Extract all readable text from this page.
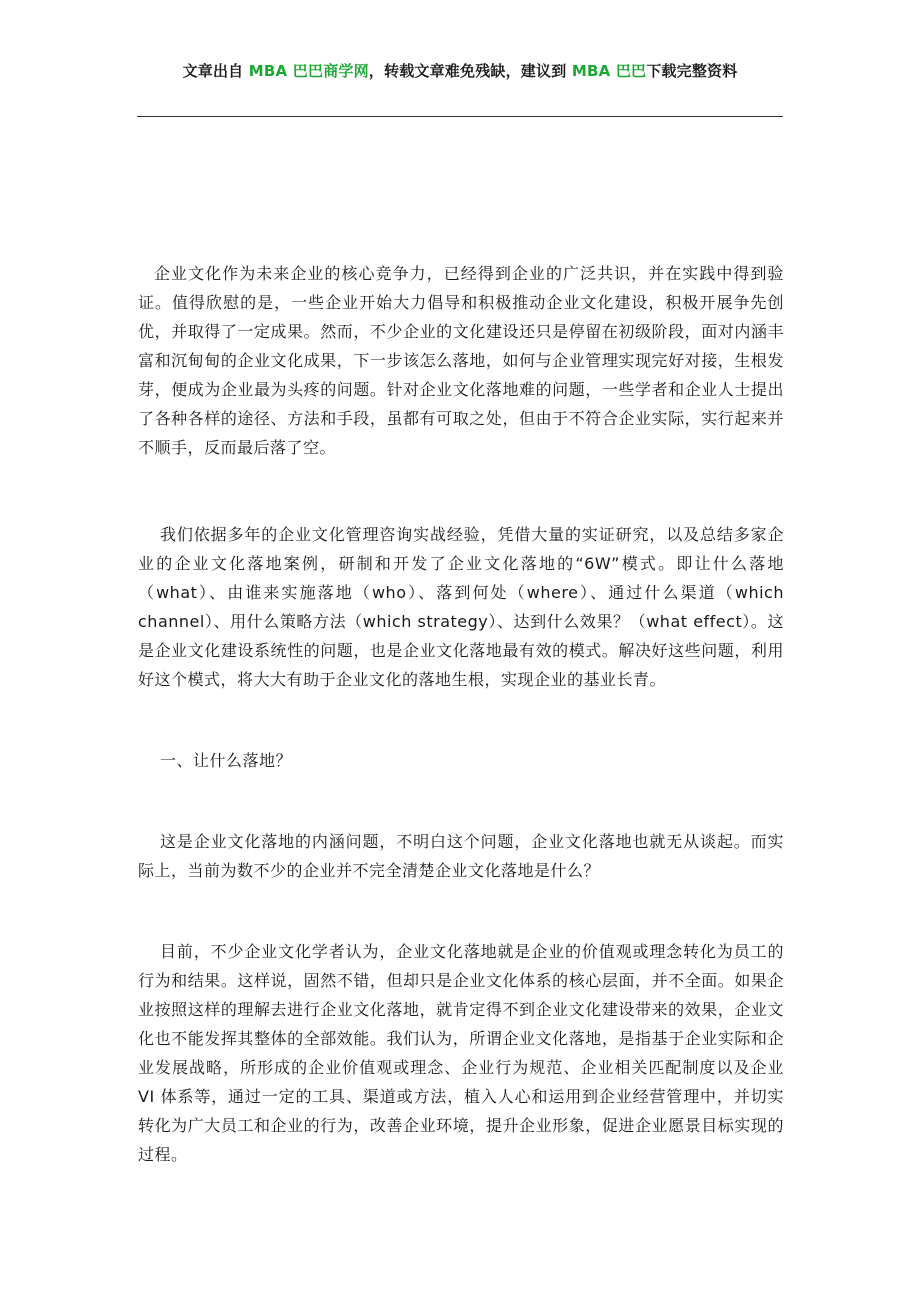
文章出自 MBA 巴巴商学网，转载文章难免残缺，建议到 MBA 巴巴下载完整资料

企业文化作为未来企业的核心竞争力，已经得到企业的广泛共识，并在实践中得到验证。值得欣慰的是，一些企业开始大力倡导和积极推动企业文化建设，积极开展争先创优，并取得了一定成果。然而，不少企业的文化建设还只是停留在初级阶段，面对内涵丰富和沉甸甸的企业文化成果，下一步该怎么落地，如何与企业管理实现完好对接，生根发芽，便成为企业最为头疼的问题。针对企业文化落地难的问题，一些学者和企业人士提出了各种各样的途径、方法和手段，虽都有可取之处，但由于不符合企业实际，实行起来并不顺手，反而最后落了空。

我们依据多年的企业文化管理咨询实战经验，凭借大量的实证研究，以及总结多家企业的企业文化落地案例，研制和开发了企业文化落地的“6W”模式。即让什么落地（what）、由谁来实施落地（who）、落到何处（where）、通过什么渠道（which channel）、用什么策略方法（which strategy）、达到什么效果？（what effect）。这是企业文化建设系统性的问题，也是企业文化落地最有效的模式。解决好这些问题，利用好这个模式，将大大有助于企业文化的落地生根，实现企业的基业长青。

一、让什么落地？

这是企业文化落地的内涵问题，不明白这个问题，企业文化落地也就无从谈起。而实际上，当前为数不少的企业并不完全清楚企业文化落地是什么？

目前，不少企业文化学者认为，企业文化落地就是企业的价值观或理念转化为员工的行为和结果。这样说，固然不错，但却只是企业文化体系的核心层面，并不全面。如果企业按照这样的理解去进行企业文化落地，就肯定得不到企业文化建设带来的效果，企业文化也不能发挥其整体的全部效能。我们认为，所谓企业文化落地，是指基于企业实际和企业发展战略，所形成的企业价值观或理念、企业行为规范、企业相关匹配制度以及企业 VI 体系等，通过一定的工具、渠道或方法，植入人心和运用到企业经营管理中，并切实转化为广大员工和企业的行为，改善企业环境，提升企业形象，促进企业愿景目标实现的过程。
